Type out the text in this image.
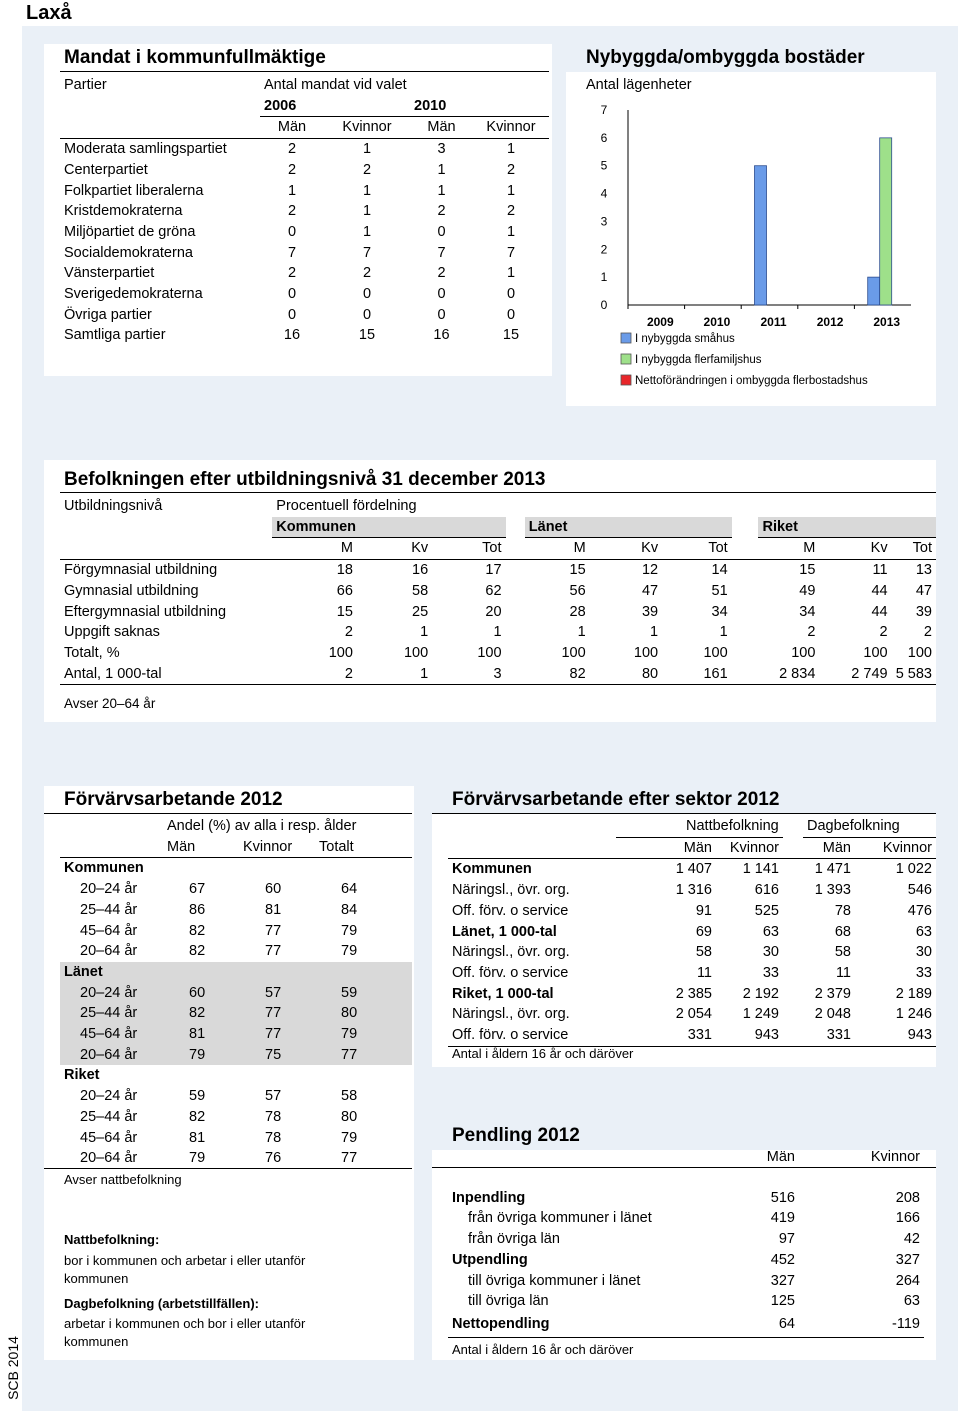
Laxå
SCB 2014
Mandat i kommunfullmäktige
Partier	Antal mandat vid valet			
	2006		2010	
	Män	Kvinnor	Män	Kvinnor
Moderata samlingspartiet	2	1	3	1
Centerpartiet	2	2	1	2
Folkpartiet liberalerna	1	1	1	1
Kristdemokraterna	2	1	2	2
Miljöpartiet de gröna	0	1	0	1
Socialdemokraterna	7	7	7	7
Vänsterpartiet	2	2	2	1
Sverigedemokraterna	0	0	0	0
Övriga partier	0	0	0	0
Samtliga partier	16	15	16	15
Nybyggda/ombyggda bostäder
Antal lägenheter
0
1
2
3
4
5
6
7
2009 2010	2011	2012 2013
I nybyggda småhus
I nybyggda flerfamiljshus
Nettoförändringen i ombyggda flerbostadshus
Befolkningen efter utbildningsnivå 31 december 2013
Utbildningsnivå	Procentuell fördelning										
	Kommunen				Länet				Riket		
	M	Kv	Tot		M	Kv	Tot		M	Kv	Tot
Förgymnasial utbildning	18	16	17		15	12	14		15	11	13
Gymnasial utbildning	66	58	62		56	47	51		49	44	47
Eftergymnasial utbildning	15	25	20		28	39	34		34	44	39
Uppgift saknas	2	1	1		1	1	1		2	2	2
Totalt, %	100	100	100		100	100	100		100	100	100
Antal, 1 000-tal	2	1	3		82	80	161		2 834	2 749	5 583
Avser 20–64 år
Förvärvsarbetande 2012
	Andel (%) av alla i resp. ålder		
	Män	Kvinnor	Totalt
Kommunen			
20–24 år	67	60	64
25–44 år	86	81	84
45–64 år	82	77	79
20–64 år	82	77	79
Länet			
20–24 år	60	57	59
25–44 år	82	77	80
45–64 år	81	77	79
20–64 år	79	75	77
Riket			
20–24 år	59	57	58
25–44 år	82	78	80
45–64 år	81	78	79
20–64 år	79	76	77
Avser nattbefolkning
Nattbefolkning:
bor i kommunen och arbetar i eller utanför kommunen
Dagbefolkning (arbetstillfällen):
arbetar i kommunen och bor i eller utanför kommunen
Förvärvsarbetande efter sektor 2012
	Nattbefolkning			Dagbefolkning	
	Män	Kvinnor		Män	Kvinnor
Kommunen	1 407	1 141		1 471	1 022
Näringsl., övr. org.	1 316	616		1 393	546
Off. förv. o service	91	525		78	476
Länet, 1 000-tal	69	63		68	63
Näringsl., övr. org.	58	30		58	30
Off. förv. o service	11	33		11	33
Riket, 1 000-tal	2 385	2 192		2 379	2 189
Näringsl., övr. org.	2 054	1 249		2 048	1 246
Off. förv. o service	331	943		331	943
Antal i åldern 16 år och däröver
Pendling 2012
	Män	Kvinnor

Inpendling	516	208
från övriga kommuner i länet	419	166
från övriga län	97	42
Utpendling	452	327
till övriga kommuner i länet	327	264
till övriga län	125	63
Nettopendling	64	-119
Antal i åldern 16 år och däröver
